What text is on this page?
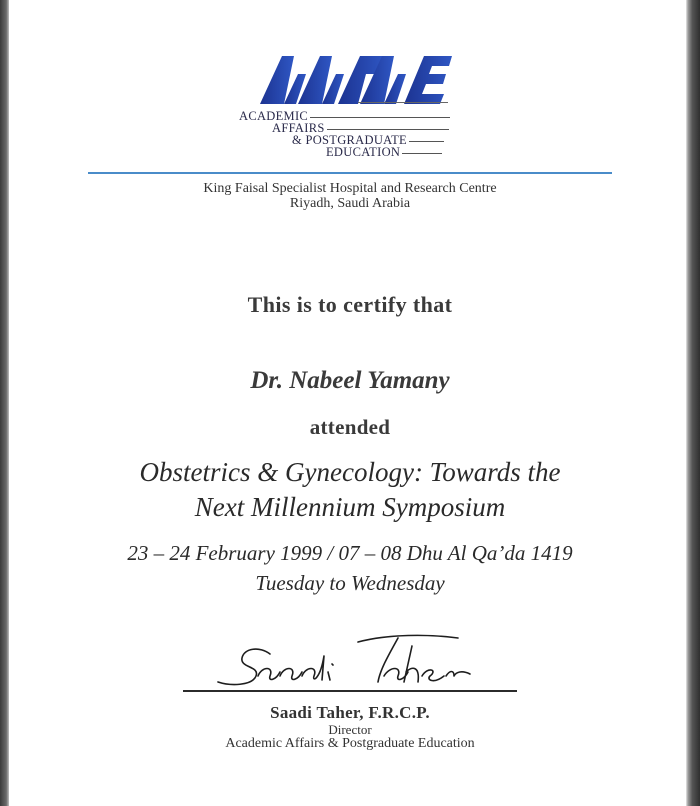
ACADEMIC
AFFAIRS
& POSTGRADUATE
EDUCATION
King Faisal Specialist Hospital and Research Centre
Riyadh, Saudi Arabia
This is to certify that
Dr. Nabeel Yamany
attended
Obstetrics & Gynecology: Towards the
Next Millennium Symposium
23 – 24 February 1999 / 07 – 08 Dhu Al Qa’da 1419
Tuesday to Wednesday
Saadi Taher, F.R.C.P.
Director
Academic Affairs & Postgraduate Education
